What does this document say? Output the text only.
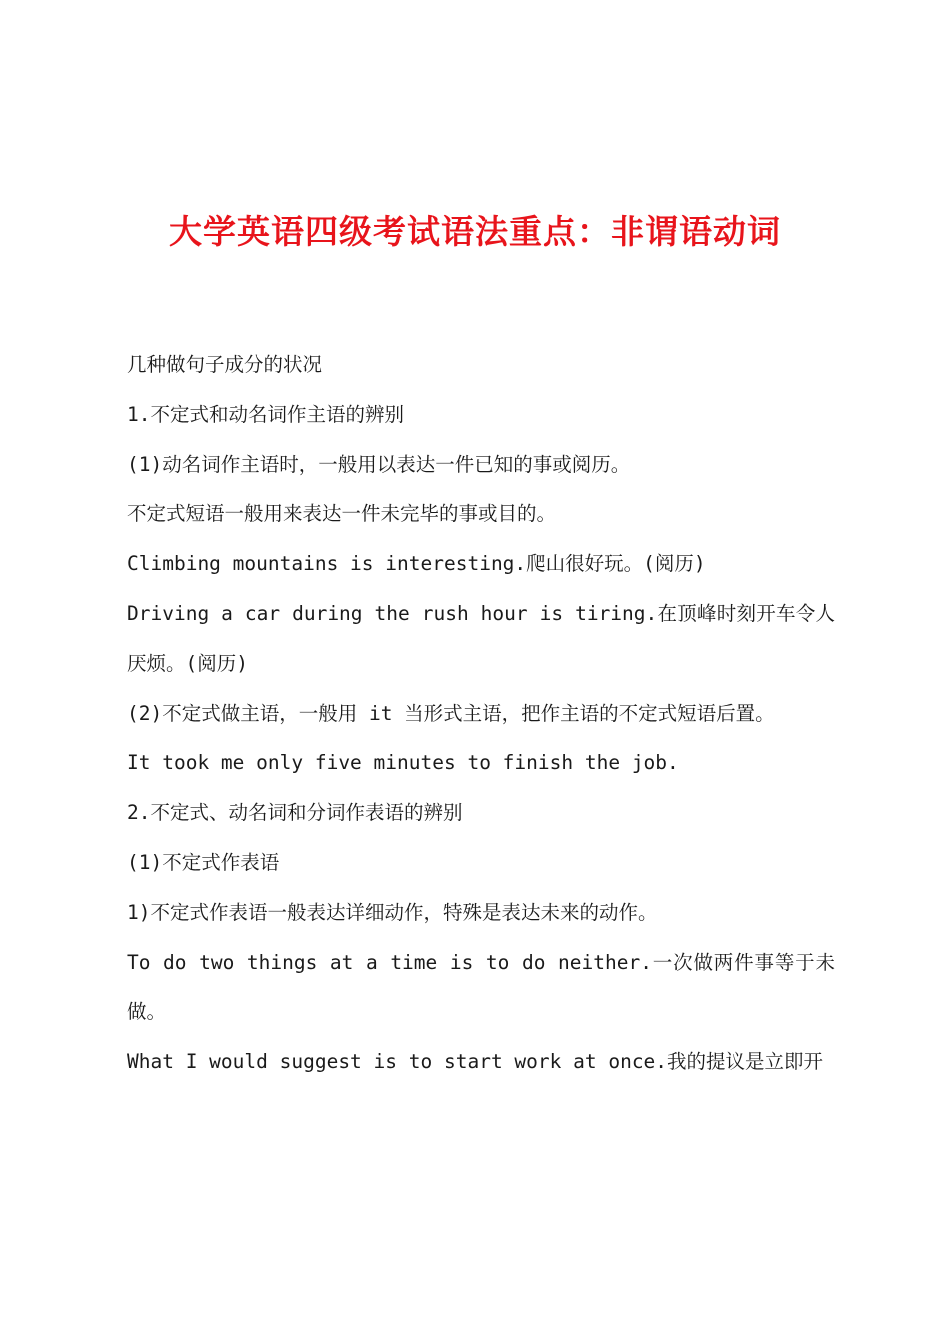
大学英语四级考试语法重点：非谓语动词

几种做句子成分的状况

1.不定式和动名词作主语的辨别

(1)动名词作主语时，一般用以表达一件已知的事或阅历。

不定式短语一般用来表达一件未完毕的事或目的。

Climbing mountains is interesting.爬山很好玩。(阅历)

Driving a car during the rush hour is tiring.在顶峰时刻开车令人厌烦。(阅历)

(2)不定式做主语，一般用 it 当形式主语，把作主语的不定式短语后置。

It took me only five minutes to finish the job.

2.不定式、动名词和分词作表语的辨别

(1)不定式作表语

1)不定式作表语一般表达详细动作，特殊是表达未来的动作。

To do two things at a time is to do neither.一次做两件事等于未做。

What I would suggest is to start work at once.我的提议是立即开
